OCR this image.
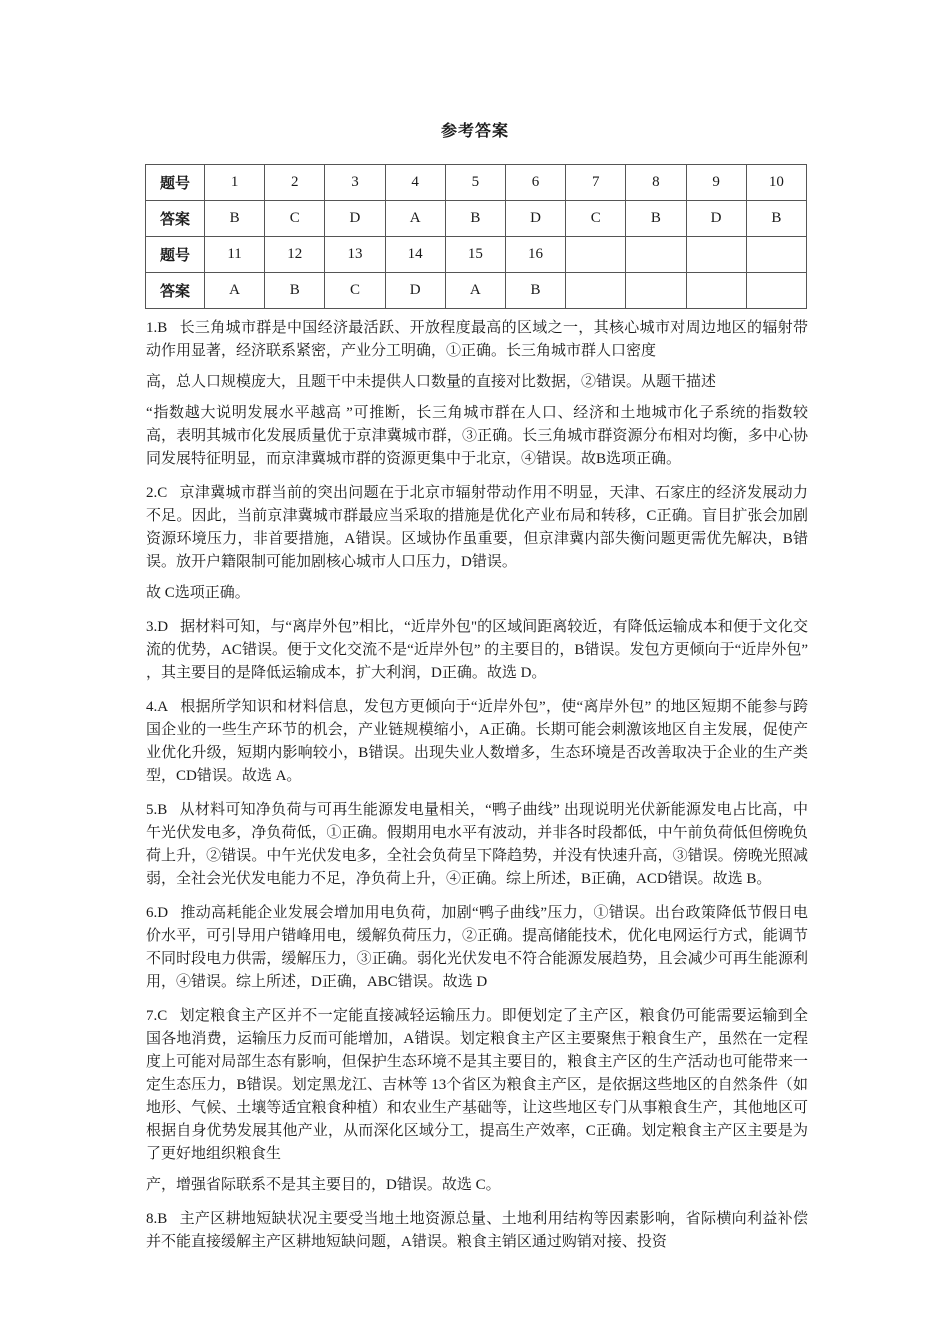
参考答案
题号	1	2	3	4	5	6	7	8	9	10
答案	B	C	D	A	B	D	C	B	D	B
题号	11	12	13	14	15	16				
答案	A	B	C	D	A	B				
1.B 长三角城市群是中国经济最活跃、开放程度最高的区域之一，其核心城市对周边地区的辐射带动作用显著，经济联系紧密，产业分工明确，①正确。长三角城市群人口密度
高，总人口规模庞大，且题干中未提供人口数量的直接对比数据，②错误。从题干描述
“指数越大说明发展水平越高 ”可推断，长三角城市群在人口、经济和土地城市化子系统的指数较高，表明其城市化发展质量优于京津冀城市群，③正确。长三角城市群资源分布相对均衡，多中心协同发展特征明显，而京津冀城市群的资源更集中于北京，④错误。故B选项正确。
2.C 京津冀城市群当前的突出问题在于北京市辐射带动作用不明显，天津、石家庄的经济发展动力不足。因此，当前京津冀城市群最应当采取的措施是优化产业布局和转移，C正确。盲目扩张会加剧资源环境压力，非首要措施，A错误。区域协作虽重要，但京津冀内部失衡问题更需优先解决，B错误。放开户籍限制可能加剧核心城市人口压力，D错误。
故 C选项正确。
3.D 据材料可知，与“离岸外包”相比，“近岸外包"的区域间距离较近，有降低运输成本和便于文化交流的优势，AC错误。便于文化交流不是“近岸外包” 的主要目的，B错误。发包方更倾向于“近岸外包” ，其主要目的是降低运输成本，扩大利润，D正确。故选 D。
4.A 根据所学知识和材料信息，发包方更倾向于“近岸外包”，使“离岸外包” 的地区短期不能参与跨国企业的一些生产环节的机会，产业链规模缩小，A正确。长期可能会刺激该地区自主发展，促使产业优化升级，短期内影响较小，B错误。出现失业人数增多，生态环境是否改善取决于企业的生产类型，CD错误。故选 A。
5.B 从材料可知净负荷与可再生能源发电量相关，“鸭子曲线” 出现说明光伏新能源发电占比高，中午光伏发电多，净负荷低，①正确。假期用电水平有波动，并非各时段都低，中午前负荷低但傍晚负荷上升，②错误。中午光伏发电多，全社会负荷呈下降趋势，并没有快速升高，③错误。傍晚光照减弱，全社会光伏发电能力不足，净负荷上升，④正确。综上所述，B正确，ACD错误。故选 B。
6.D 推动高耗能企业发展会增加用电负荷，加剧“鸭子曲线”压力，①错误。出台政策降低节假日电价水平，可引导用户错峰用电，缓解负荷压力，②正确。提高储能技术，优化电网运行方式，能调节不同时段电力供需，缓解压力，③正确。弱化光伏发电不符合能源发展趋势，且会减少可再生能源利用，④错误。综上所述，D正确，ABC错误。故选 D
7.C 划定粮食主产区并不一定能直接减轻运输压力。即便划定了主产区，粮食仍可能需要运输到全国各地消费，运输压力反而可能增加，A错误。划定粮食主产区主要聚焦于粮食生产，虽然在一定程度上可能对局部生态有影响，但保护生态环境不是其主要目的，粮食主产区的生产活动也可能带来一定生态压力，B错误。划定黑龙江、吉林等 13个省区为粮食主产区，是依据这些地区的自然条件（如地形、气候、土壤等适宜粮食种植）和农业生产基础等，让这些地区专门从事粮食生产，其他地区可根据自身优势发展其他产业，从而深化区域分工，提高生产效率，C正确。划定粮食主产区主要是为了更好地组织粮食生
产，增强省际联系不是其主要目的，D错误。故选 C。
8.B 主产区耕地短缺状况主要受当地土地资源总量、土地利用结构等因素影响，省际横向利益补偿并不能直接缓解主产区耕地短缺问题，A错误。粮食主销区通过购销对接、投资
